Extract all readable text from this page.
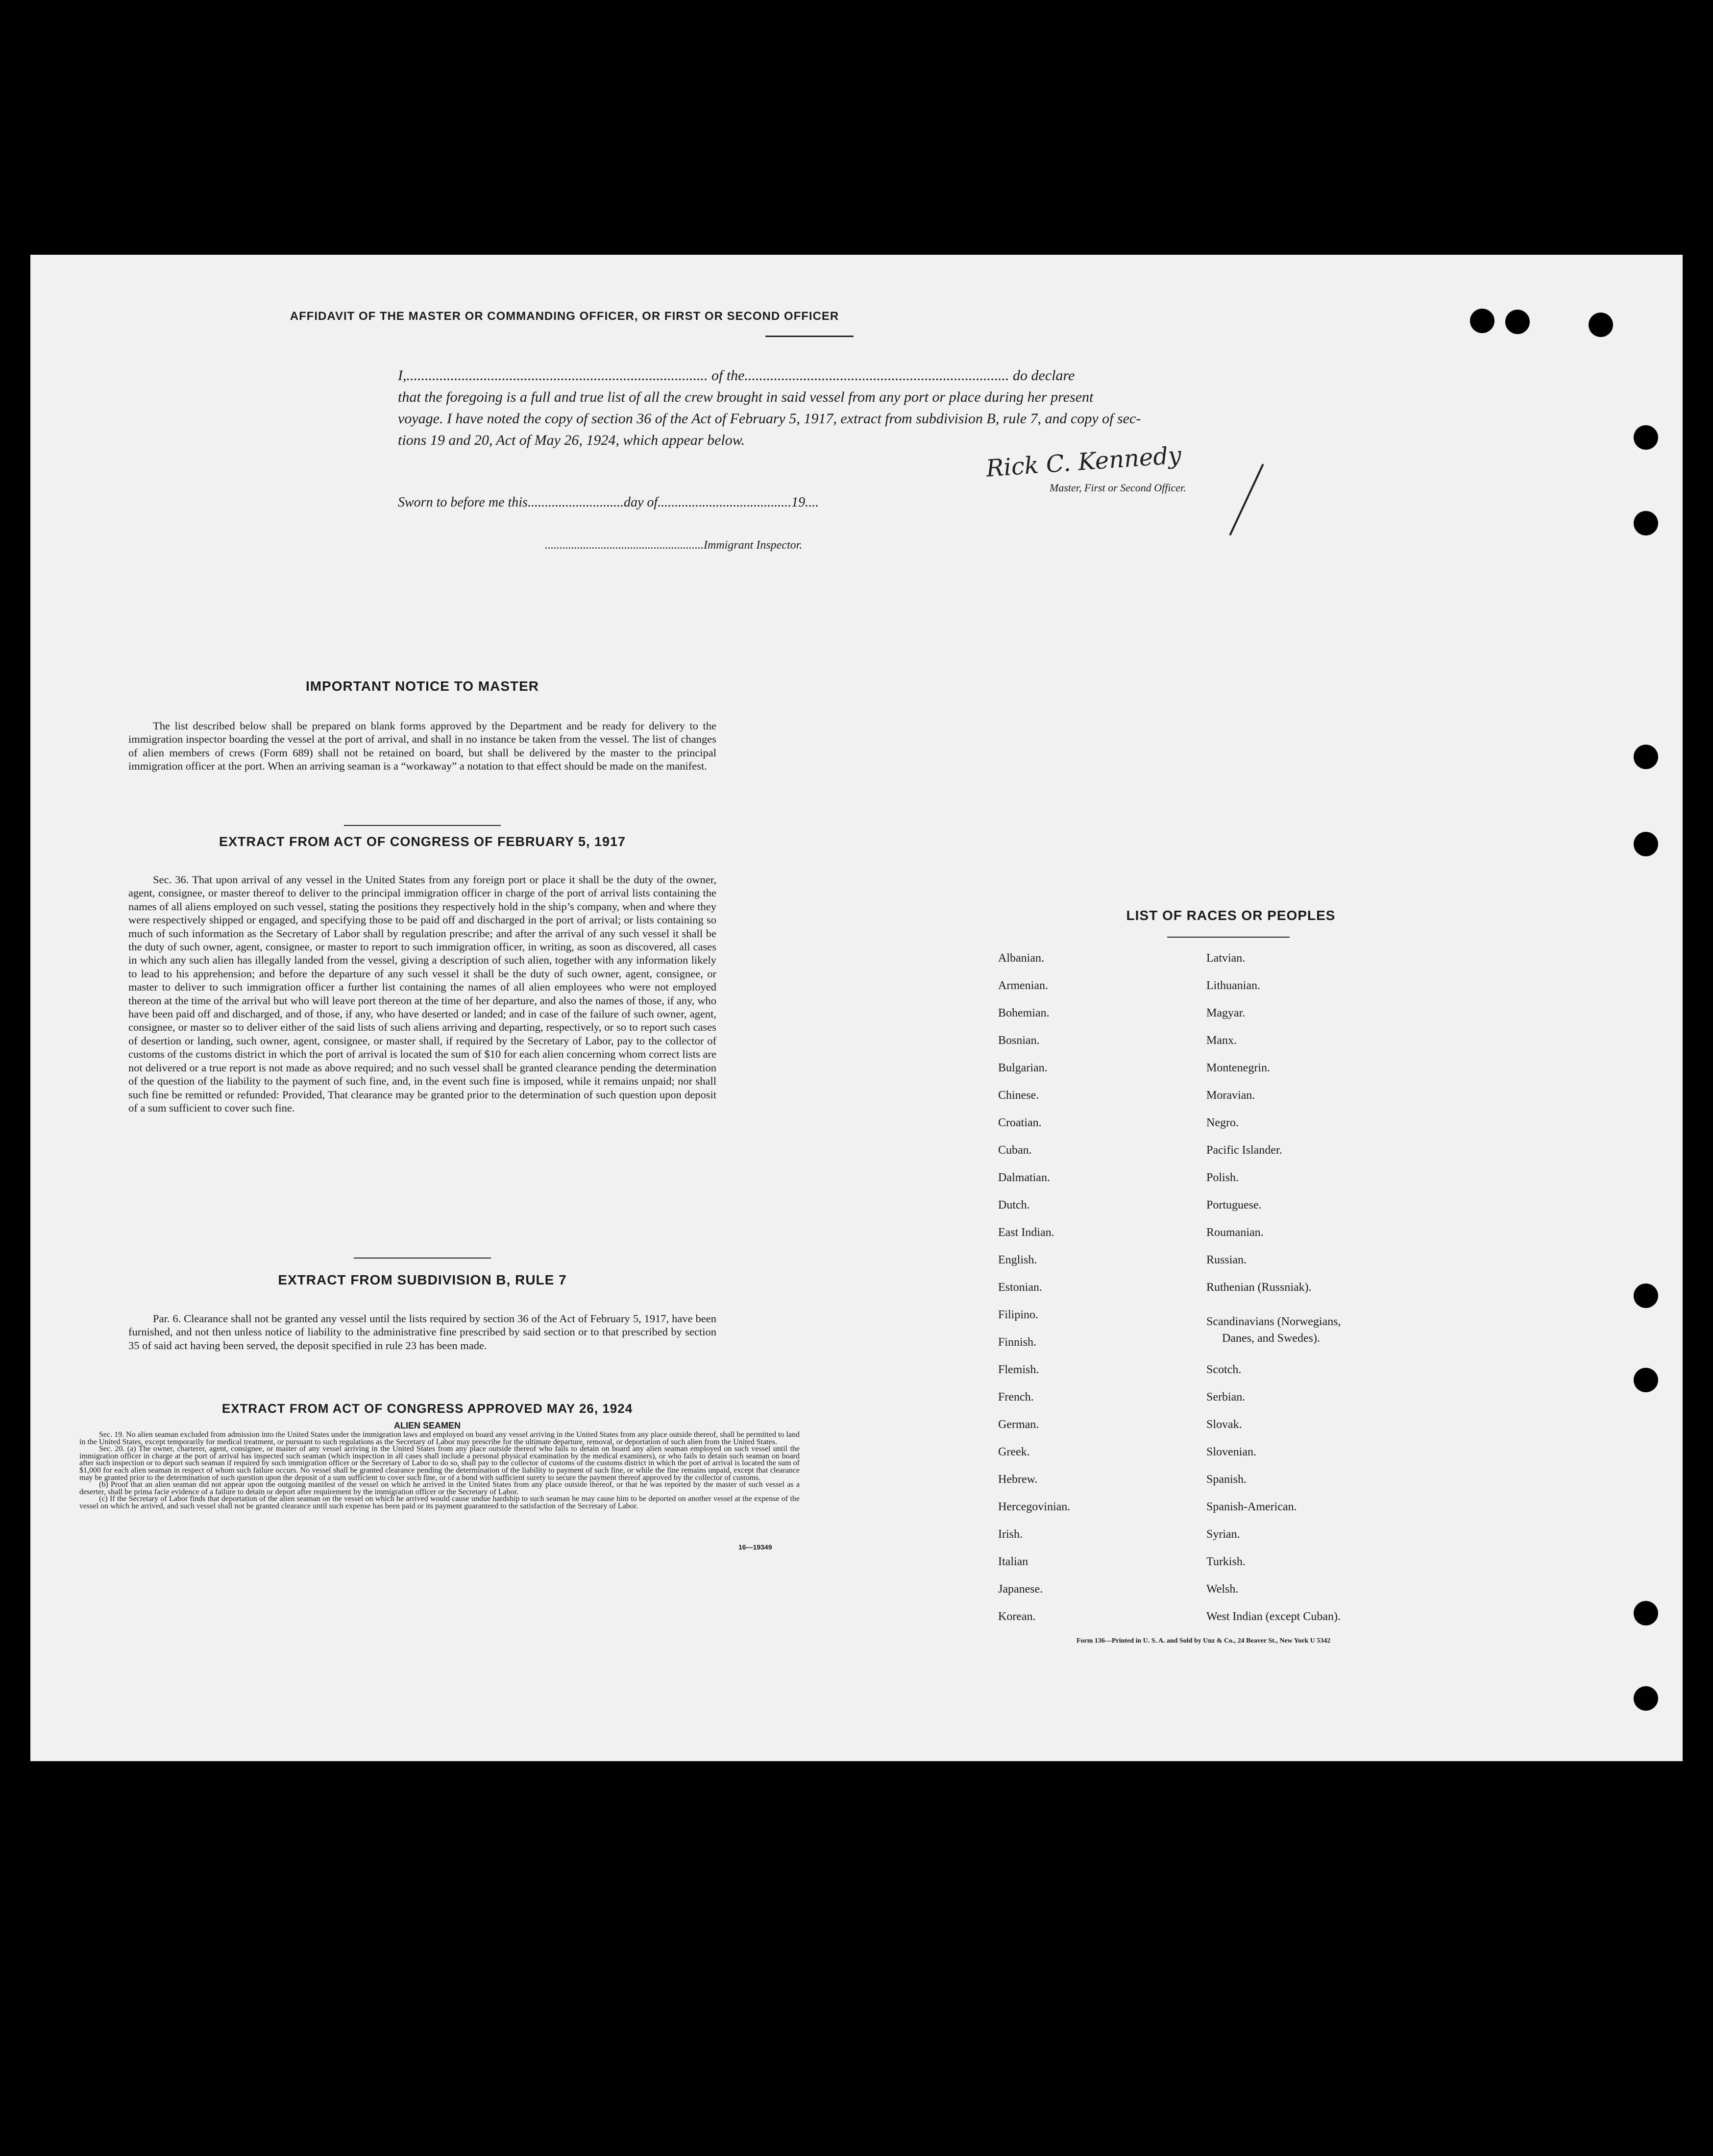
AFFIDAVIT OF THE MASTER OR COMMANDING OFFICER, OR FIRST OR SECOND OFFICER
I,.................................................................................. of the........................................................................ do declare
that the foregoing is a full and true list of all the crew brought in said vessel from any port or place during her present
voyage. I have noted the copy of section 36 of the Act of February 5, 1917, extract from subdivision B, rule 7, and copy of sec-
tions 19 and 20, Act of May 26, 1924, which appear below.
Rick C. Kennedy
Master, First or Second Officer.
Sworn to before me this............................day of.......................................19....
......................................................Immigrant Inspector.
IMPORTANT NOTICE TO MASTER
The list described below shall be prepared on blank forms approved by the Department and be ready for delivery to the immigration inspector boarding the vessel at the port of arrival, and shall in no instance be taken from the vessel. The list of changes of alien members of crews (Form 689) shall not be retained on board, but shall be delivered by the master to the principal immigration officer at the port. When an arriving seaman is a “workaway” a notation to that effect should be made on the manifest.
EXTRACT FROM ACT OF CONGRESS OF FEBRUARY 5, 1917
Sec. 36. That upon arrival of any vessel in the United States from any foreign port or place it shall be the duty of the owner, agent, consignee, or master thereof to deliver to the principal immigration officer in charge of the port of arrival lists containing the names of all aliens employed on such vessel, stating the positions they respectively hold in the ship’s company, when and where they were respectively shipped or engaged, and specifying those to be paid off and discharged in the port of arrival; or lists containing so much of such information as the Secretary of Labor shall by regulation prescribe; and after the arrival of any such vessel it shall be the duty of such owner, agent, consignee, or master to report to such immigration officer, in writing, as soon as discovered, all cases in which any such alien has illegally landed from the vessel, giving a description of such alien, together with any information likely to lead to his apprehension; and before the departure of any such vessel it shall be the duty of such owner, agent, consignee, or master to deliver to such immigration officer a further list containing the names of all alien employees who were not employed thereon at the time of the arrival but who will leave port thereon at the time of her departure, and also the names of those, if any, who have been paid off and discharged, and of those, if any, who have deserted or landed; and in case of the failure of such owner, agent, consignee, or master so to deliver either of the said lists of such aliens arriving and departing, respectively, or so to report such cases of desertion or landing, such owner, agent, consignee, or master shall, if required by the Secretary of Labor, pay to the collector of customs of the customs district in which the port of arrival is located the sum of $10 for each alien concerning whom correct lists are not delivered or a true report is not made as above required; and no such vessel shall be granted clearance pending the determination of the question of the liability to the payment of such fine, and, in the event such fine is imposed, while it remains unpaid; nor shall such fine be remitted or refunded: Provided, That clearance may be granted prior to the determination of such question upon deposit of a sum sufficient to cover such fine.
EXTRACT FROM SUBDIVISION B, RULE 7
Par. 6. Clearance shall not be granted any vessel until the lists required by section 36 of the Act of February 5, 1917, have been furnished, and not then unless notice of liability to the administrative fine prescribed by said section or to that prescribed by section 35 of said act having been served, the deposit specified in rule 23 has been made.
EXTRACT FROM ACT OF CONGRESS APPROVED MAY 26, 1924
ALIEN SEAMEN
Sec. 19. No alien seaman excluded from admission into the United States under the immigration laws and employed on board any vessel arriving in the United States from any place outside thereof, shall be permitted to land in the United States, except temporarily for medical treatment, or pursuant to such regulations as the Secretary of Labor may prescribe for the ultimate departure, removal, or deportation of such alien from the United States.
Sec. 20. (a) The owner, charterer, agent, consignee, or master of any vessel arriving in the United States from any place outside thereof who fails to detain on board any alien seaman employed on such vessel until the immigration officer in charge at the port of arrival has inspected such seaman (which inspection in all cases shall include a personal physical examination by the medical examiners), or who fails to detain such seaman on board after such inspection or to deport such seaman if required by such immigration officer or the Secretary of Labor to do so, shall pay to the collector of customs of the customs district in which the port of arrival is located the sum of $1,000 for each alien seaman in respect of whom such failure occurs. No vessel shall be granted clearance pending the determination of the liability to payment of such fine, or while the fine remains unpaid, except that clearance may be granted prior to the determination of such question upon the deposit of a sum sufficient to cover such fine, or of a bond with sufficient surety to secure the payment thereof approved by the collector of customs.
(b) Proof that an alien seaman did not appear upon the outgoing manifest of the vessel on which he arrived in the United States from any place outside thereof, or that he was reported by the master of such vessel as a deserter, shall be prima facie evidence of a failure to detain or deport after requirement by the immigration officer or the Secretary of Labor.
(c) If the Secretary of Labor finds that deportation of the alien seaman on the vessel on which he arrived would cause undue hardship to such seaman he may cause him to be deported on another vessel at the expense of the vessel on which he arrived, and such vessel shall not be granted clearance until such expense has been paid or its payment guaranteed to the satisfaction of the Secretary of Labor.
16—19349
LIST OF RACES OR PEOPLES
Albanian.
Armenian.
Bohemian.
Bosnian.
Bulgarian.
Chinese.
Croatian.
Cuban.
Dalmatian.
Dutch.
East Indian.
English.
Estonian.
Filipino.
Finnish.
Flemish.
French.
German.
Greek.
Hebrew.
Hercegovinian.
Irish.
Italian
Japanese.
Korean.
Latvian.
Lithuanian.
Magyar.
Manx.
Montenegrin.
Moravian.
Negro.
Pacific Islander.
Polish.
Portuguese.
Roumanian.
Russian.
Ruthenian (Russniak).
Scandinavians (Norwegians,
Danes, and Swedes).
Scotch.
Serbian.
Slovak.
Slovenian.
Spanish.
Spanish-American.
Syrian.
Turkish.
Welsh.
West Indian (except Cuban).
Form 136—Printed in U. S. A. and Sold by Unz & Co., 24 Beaver St., New York U 5342
